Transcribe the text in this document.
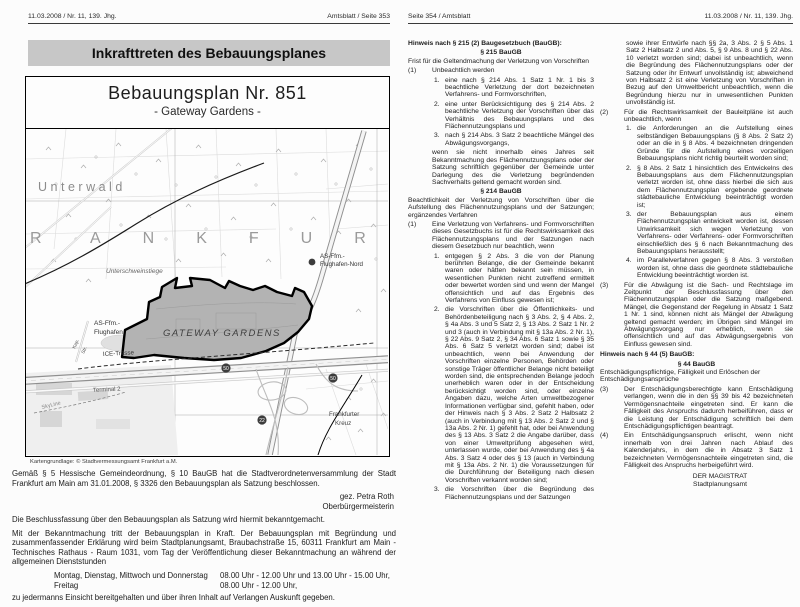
11.03.2008 / Nr. 11, 139. Jhg.	Amtsblatt / Seite 353
Inkrafttreten des Bebauungsplanes
Bebauungsplan Nr. 851
- Gateway Gardens -
50
50
22
Unterwald
R	ANKFUR
Unterschweinstiege
AS-Ffm.-
Flughafen-Nord
AS-Ffm.-
Flughafen	GATEWAY GARDENS
ICE-Trasse
Kap.
Str.
SkyLine
Terminal 2
Frankfurter
Kreuz
Kartengrundlage: © Stadtvermessungsamt Frankfurt a.M.

Gemäß § 5 Hessische Gemeindeordnung, § 10 BauGB hat die Stadtverordnetenversammlung der Stadt Frankfurt am Main am 31.01.2008, § 3326 den Bebauungsplan als Satzung beschlossen.

gez. Petra Roth
Oberbürgermeisterin

Die Beschlussfassung über den Bebauungsplan als Satzung wird hiermit bekanntgemacht.

Mit der Bekanntmachung tritt der Bebauungsplan in Kraft. Der Bebauungsplan mit Begründung und zusammenfassender Erklärung wird beim Stadtplanungsamt, Braubachstraße 15, 60311 Frankfurt am Main - Technisches Rathaus - Raum 1031, vom Tag der Veröffentlichung dieser Bekanntmachung an während der allgemeinen Dienststunden

Montag, Dienstag, Mittwoch und Donnerstag	08.00 Uhr - 12.00 Uhr und 13.00 Uhr - 15.00 Uhr,
Freitag	08.00 Uhr - 12.00 Uhr,

zu jedermanns Einsicht bereitgehalten und über ihren Inhalt auf Verlangen Auskunft gegeben.

Seite 354 / Amtsblatt	11.03.2008 / Nr. 11, 139. Jhg.
Hinweis nach § 215 (2) Baugesetzbuch (BauGB):
§ 215 BauGB
Frist für die Geltendmachung der Verletzung von Vorschriften
(1)	Unbeachtlich werden
1. eine nach § 214 Abs. 1 Satz 1 Nr. 1 bis 3 beachtliche Verletzung der dort bezeichneten Verfahrens- und Formvorschriften,
2. eine unter Berücksichtigung des § 214 Abs. 2 beachtliche Verletzung der Vorschriften über das Verhältnis des Bebauungsplans und des Flächennutzungsplans und
3. nach § 214 Abs. 3 Satz 2 beachtliche Mängel des Abwägungsvorgangs,
wenn sie nicht innerhalb eines Jahres seit Bekanntmachung des Flächennutzungsplans oder der Satzung schriftlich gegenüber der Gemeinde unter Darlegung des die Verletzung begründenden Sachverhalts geltend gemacht worden sind.
§ 214 BauGB
Beachtlichkeit der Verletzung von Vorschriften über die Aufstellung des Flächennutzungsplans und der Satzungen; ergänzendes Verfahren
(1)	Eine Verletzung von Verfahrens- und Formvorschriften dieses Gesetzbuchs ist für die Rechtswirksamkeit des Flächennutzungsplans und der Satzungen nach diesem Gesetzbuch nur beachtlich, wenn
1. entgegen § 2 Abs. 3 die von der Planung berührten Belange, die der Gemeinde bekannt waren oder hätten bekannt sein müssen, in wesentlichen Punkten nicht zutreffend ermittelt oder bewertet worden sind und wenn der Mangel offensichtlich und auf das Ergebnis des Verfahrens von Einfluss gewesen ist;
2. die Vorschriften über die Öffentlichkeits- und Behördenbeteiligung nach § 3 Abs. 2, § 4 Abs. 2, § 4a Abs. 3 und 5 Satz 2, § 13 Abs. 2 Satz 1 Nr. 2 und 3 (auch in Verbindung mit § 13a Abs. 2 Nr. 1), § 22 Abs. 9 Satz 2, § 34 Abs. 6 Satz 1 sowie § 35 Abs. 6 Satz 5 verletzt worden sind; dabei ist unbeachtlich, wenn bei Anwendung der Vorschriften einzelne Personen, Behörden oder sonstige Träger öffentlicher Belange nicht beteiligt worden sind, die entsprechenden Belange jedoch unerheblich waren oder in der Entscheidung berücksichtigt worden sind, oder einzelne Angaben dazu, welche Arten umweltbezogener Informationen verfügbar sind, gefehlt haben, oder der Hinweis nach § 3 Abs. 2 Satz 2 Halbsatz 2 (auch in Verbindung mit § 13 Abs. 2 Satz 2 und § 13a Abs. 2 Nr. 1) gefehlt hat, oder bei Anwendung des § 13 Abs. 3 Satz 2 die Angabe darüber, dass von einer Umweltprüfung abgesehen wird, unterlassen wurde, oder bei Anwendung des § 4a Abs. 3 Satz 4 oder des § 13 (auch in Verbindung mit § 13a Abs. 2 Nr. 1) die Voraussetzungen für die Durchführung der Beteiligung nach diesen Vorschriften verkannt worden sind;
3. die Vorschriften über die Begründung des Flächennutzungsplans und der Satzungen
sowie ihrer Entwürfe nach §§ 2a, 3 Abs. 2 § 5 Abs. 1 Satz 2 Halbsatz 2 und Abs. 5, § 9 Abs. 8 und § 22 Abs. 10 verletzt worden sind; dabei ist unbeachtlich, wenn die Begründung des Flächennutzungsplans oder der Satzung oder ihr Entwurf unvollständig ist; abweichend von Halbsatz 2 ist eine Verletzung von Vorschriften in Bezug auf den Umweltbericht unbeachtlich, wenn die Begründung hierzu nur in unwesentlichen Punkten unvollständig ist.
(2)	Für die Rechtswirksamkeit der Bauleitpläne ist auch unbeachtlich, wenn
1. die Anforderungen an die Aufstellung eines selbständigen Bebauungsplans (§ 8 Abs. 2 Satz 2) oder an die in § 8 Abs. 4 bezeichneten dringenden Gründe für die Aufstellung eines vorzeitigen Bebauungsplans nicht richtig beurteilt worden sind;
2. § 8 Abs. 2 Satz 1 hinsichtlich des Entwickelns des Bebauungsplans aus dem Flächennutzungsplan verletzt worden ist, ohne dass hierbei die sich aus dem Flächennutzungsplan ergebende geordnete städtebauliche Entwicklung beeinträchtigt worden ist;
3. der Bebauungsplan aus einem Flächennutzungsplan entwickelt worden ist, dessen Unwirksamkeit sich wegen Verletzung von Verfahrens- oder Verfahrens- oder Formvorschriften einschließlich des § 6 nach Bekanntmachung des Bebauungsplans herausstellt;
4. im Parallelverfahren gegen § 8 Abs. 3 verstoßen worden ist, ohne dass die geordnete städtebauliche Entwicklung beeinträchtigt worden ist.
(3)	Für die Abwägung ist die Sach- und Rechtslage im Zeitpunkt der Beschlussfassung über den Flächennutzungsplan oder die Satzung maßgebend. Mängel, die Gegenstand der Regelung in Absatz 1 Satz 1 Nr. 1 sind, können nicht als Mängel der Abwägung geltend gemacht werden; im Übrigen sind Mängel im Abwägungsvorgang nur erheblich, wenn sie offensichtlich und auf das Abwägungsergebnis von Einfluss gewesen sind.
Hinweis nach § 44 (5) BauGB:
§ 44 BauGB
Entschädigungspflichtige, Fälligkeit und Erlöschen der Entschädigungsansprüche
(3)	Der Entschädigungsberechtigte kann Entschädigung verlangen, wenn die in den §§ 39 bis 42 bezeichneten Vermögensnachteile eingetreten sind. Er kann die Fälligkeit des Anspruchs dadurch herbeiführen, dass er die Leistung der Entschädigung schriftlich bei dem Entschädigungspflichtigen beantragt.
(4)	Ein Entschädigungsanspruch erlischt, wenn nicht innerhalb von drei Jahren nach Ablauf des Kalenderjahrs, in dem die in Absatz 3 Satz 1 bezeichneten Vermögensnachteile eingetreten sind, die Fälligkeit des Anspruchs herbeigeführt wird.
DER MAGISTRAT
Stadtplanungsamt
